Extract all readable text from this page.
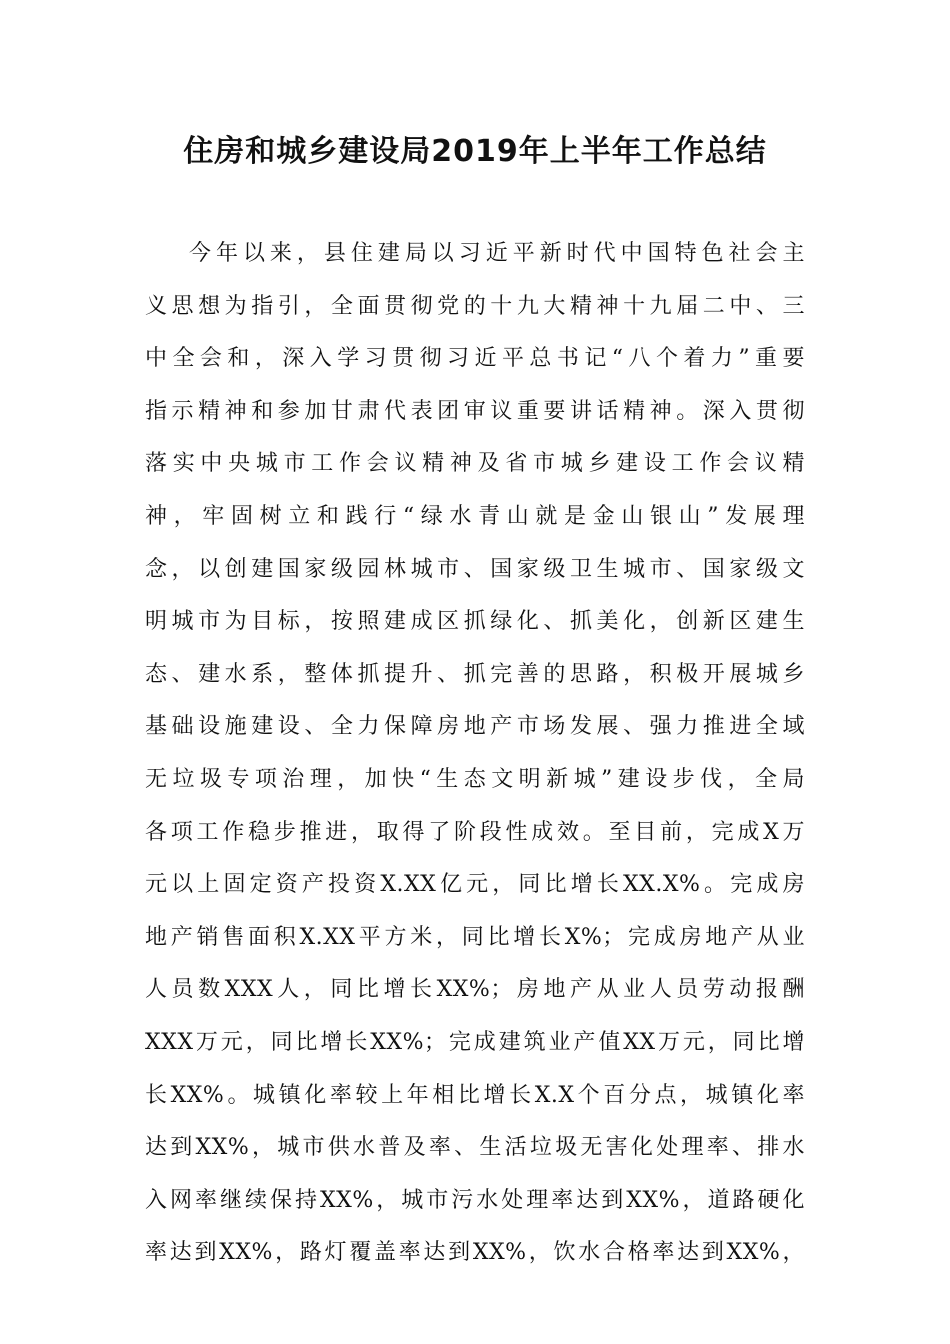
住房和城乡建设局2019年上半年工作总结
今年以来，县住建局以习近平新时代中国特色社会主
义思想为指引，全面贯彻党的十九大精神十九届二中、三
中全会和，深入学习贯彻习近平总书记“八个着力”重要
指示精神和参加甘肃代表团审议重要讲话精神。深入贯彻
落实中央城市工作会议精神及省市城乡建设工作会议精
神，牢固树立和践行“绿水青山就是金山银山”发展理
念，以创建国家级园林城市、国家级卫生城市、国家级文
明城市为目标，按照建成区抓绿化、抓美化，创新区建生
态、建水系，整体抓提升、抓完善的思路，积极开展城乡
基础设施建设、全力保障房地产市场发展、强力推进全域
无垃圾专项治理，加快“生态文明新城”建设步伐，全局
各项工作稳步推进，取得了阶段性成效。至目前，完成X万
元以上固定资产投资X.XX亿元，同比增长XX.X%。完成房
地产销售面积X.XX平方米，同比增长X%；完成房地产从业
人员数XXX人，同比增长XX%；房地产从业人员劳动报酬
XXX万元，同比增长XX%；完成建筑业产值XX万元，同比增
长XX%。城镇化率较上年相比增长X.X个百分点，城镇化率
达到XX%，城市供水普及率、生活垃圾无害化处理率、排水
入网率继续保持XX%，城市污水处理率达到XX%，道路硬化
率达到XX%，路灯覆盖率达到XX%，饮水合格率达到XX%，
